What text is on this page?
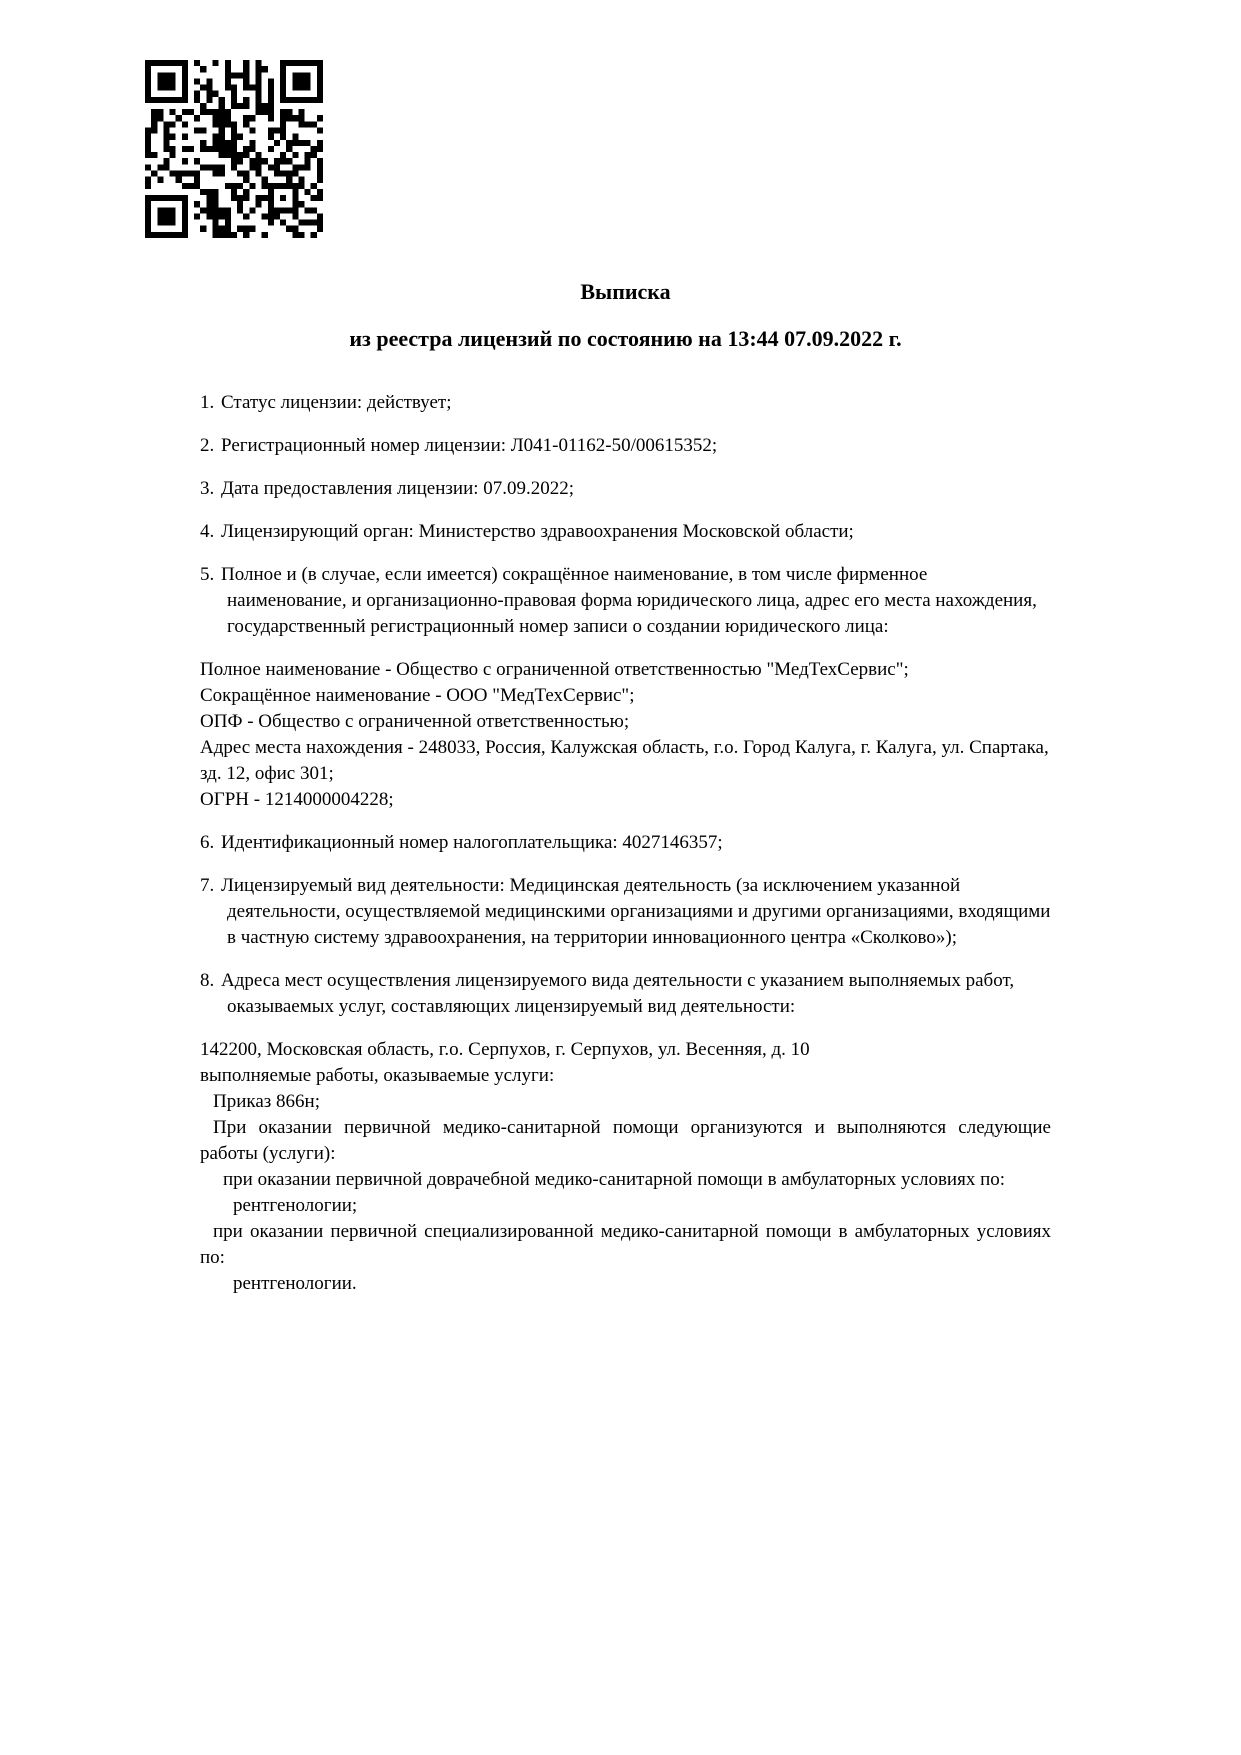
Выписка

из реестра лицензий по состоянию на 13:44 07.09.2022 г.

1. Статус лицензии: действует;

2. Регистрационный номер лицензии: Л041-01162-50/00615352;

3. Дата предоставления лицензии: 07.09.2022;

4. Лицензирующий орган: Министерство здравоохранения Московской области;

5. Полное и (в случае, если имеется) сокращённое наименование, в том числе фирменное наименование, и организационно-правовая форма юридического лица, адрес его места нахождения, государственный регистрационный номер записи о создании юридического лица:

Полное наименование - Общество с ограниченной ответственностью "МедТехСервис";

Сокращённое наименование - ООО "МедТехСервис";

ОПФ - Общество с ограниченной ответственностью;

Адрес места нахождения - 248033, Россия, Калужская область, г.о. Город Калуга, г. Калуга, ул. Спартака, зд. 12, офис 301;

ОГРН - 1214000004228;

6. Идентификационный номер налогоплательщика: 4027146357;

7. Лицензируемый вид деятельности: Медицинская деятельность (за исключением указанной деятельности, осуществляемой медицинскими организациями и другими организациями, входящими в частную систему здравоохранения, на территории инновационного центра «Сколково»);

8. Адреса мест осуществления лицензируемого вида деятельности с указанием выполняемых работ, оказываемых услуг, составляющих лицензируемый вид деятельности:

142200, Московская область, г.о. Серпухов, г. Серпухов, ул. Весенняя, д. 10

выполняемые работы, оказываемые услуги:

Приказ 866н;

При оказании первичной медико-санитарной помощи организуются и выполняются следующие работы (услуги):

при оказании первичной доврачебной медико-санитарной помощи в амбулаторных условиях по:

рентгенологии;

при оказании первичной специализированной медико-санитарной помощи в амбулаторных условиях по:

рентгенологии.
